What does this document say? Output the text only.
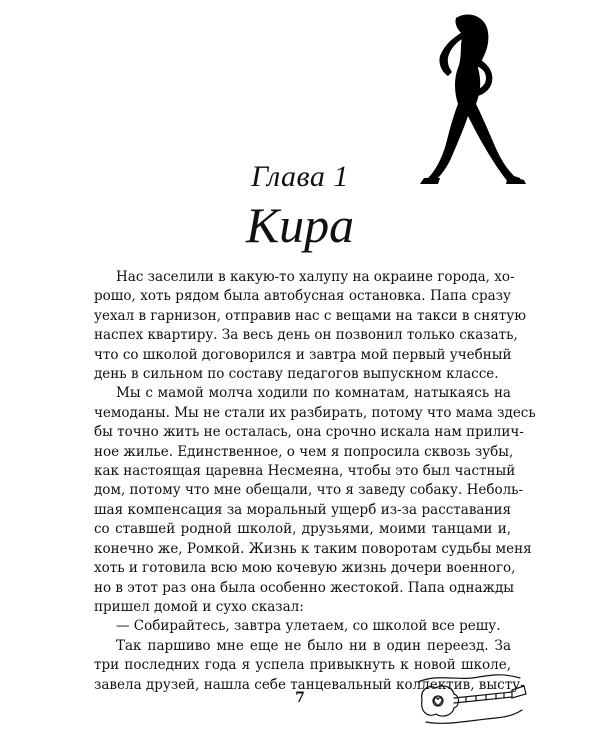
Глава 1
Кира
Нас заселили в какую-то халупу на окраине города, хо-
рошо, хоть рядом была автобусная остановка. Папа сразу
уехал в гарнизон, отправив нас с вещами на такси в снятую
наспех квартиру. За весь день он позвонил только сказать,
что со школой договорился и завтра мой первый учебный
день в сильном по составу педагогов выпускном классе.
Мы с мамой молча ходили по комнатам, натыкаясь на
чемоданы. Мы не стали их разбирать, потому что мама здесь
бы точно жить не осталась, она срочно искала нам прилич-
ное жилье. Единственное, о чем я попросила сквозь зубы,
как настоящая царевна Несмеяна, чтобы это был частный
дом, потому что мне обещали, что я заведу собаку. Неболь-
шая компенсация за моральный ущерб из-за расставания
со ставшей родной школой, друзьями, моими танцами и,
конечно же, Ромкой. Жизнь к таким поворотам судьбы меня
хоть и готовила всю мою кочевую жизнь дочери военного,
но в этот раз она была особенно жестокой. Папа однажды
пришел домой и сухо сказал:
— Собирайтесь, завтра улетаем, со школой все решу.
Так паршиво мне еще не было ни в один переезд. За
три последних года я успела привыкнуть к новой школе,
завела друзей, нашла себе танцевальный коллектив, высту-
7
